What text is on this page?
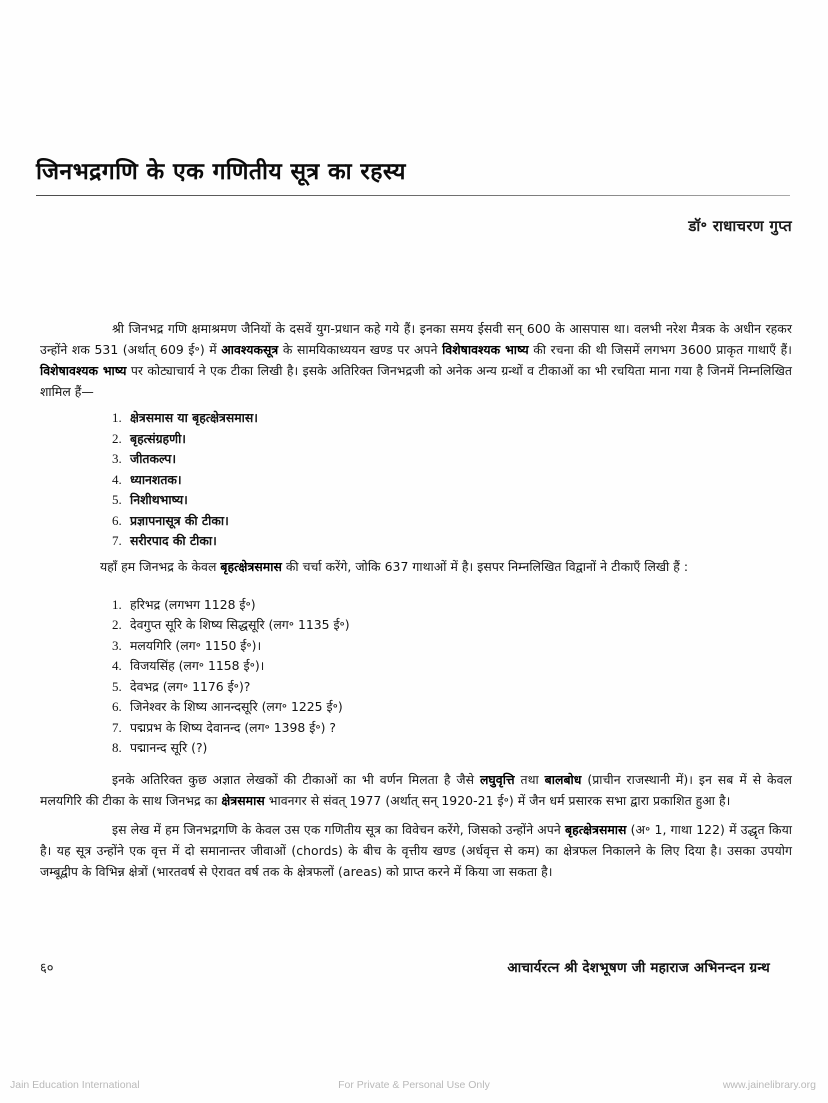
जिनभद्रगणि के एक गणितीय सूत्र का रहस्य
डॉ॰ राधाचरण गुप्त

श्री जिनभद्र गणि क्षमाश्रमण जैनियों के दसवें युग-प्रधान कहे गये हैं। इनका समय ईसवी सन् 600 के आसपास था। वलभी नरेश मैत्रक के अधीन रहकर उन्होंने शक 531 (अर्थात् 609 ई॰) में आवश्यकसूत्र के सामयिकाध्ययन खण्ड पर अपने विशेषावश्यक भाष्य की रचना की थी जिसमें लगभग 3600 प्राकृत गाथाएँ हैं। विशेषावश्यक भाष्य पर कोट्याचार्य ने एक टीका लिखी है। इसके अतिरिक्त जिनभद्रजी को अनेक अन्य ग्रन्थों व टीकाओं का भी रचयिता माना गया है जिनमें निम्नलिखित शामिल हैं—

1. क्षेत्रसमास या बृहत्क्षेत्रसमास।
2. बृहत्संग्रहणी।
3. जीतकल्प।
4. ध्यानशतक।
5. निशीथभाष्य।
6. प्रज्ञापनासूत्र की टीका।
7. सरीरपाद की टीका।

यहाँ हम जिनभद्र के केवल बृहत्क्षेत्रसमास की चर्चा करेंगे, जोकि 637 गाथाओं में है। इसपर निम्नलिखित विद्वानों ने टीकाएँ लिखी हैं :

1. हरिभद्र (लगभग 1128 ई॰)
2. देवगुप्त सूरि के शिष्य सिद्धसूरि (लग॰ 1135 ई॰)
3. मलयगिरि (लग॰ 1150 ई॰)।
4. विजयसिंह (लग॰ 1158 ई॰)।
5. देवभद्र (लग॰ 1176 ई॰)?
6. जिनेश्वर के शिष्य आनन्दसूरि (लग॰ 1225 ई॰)
7. पद्मप्रभ के शिष्य देवानन्द (लग॰ 1398 ई॰) ?
8. पद्मानन्द सूरि (?)

इनके अतिरिक्त कुछ अज्ञात लेखकों की टीकाओं का भी वर्णन मिलता है जैसे लघुवृत्ति तथा बालबोध (प्राचीन राजस्थानी में)। इन सब में से केवल मलयगिरि की टीका के साथ जिनभद्र का क्षेत्रसमास भावनगर से संवत् 1977 (अर्थात् सन् 1920-21 ई॰) में जैन धर्म प्रसारक सभा द्वारा प्रकाशित हुआ है।

इस लेख में हम जिनभद्रगणि के केवल उस एक गणितीय सूत्र का विवेचन करेंगे, जिसको उन्होंने अपने बृहत्क्षेत्रसमास (अ॰ 1, गाथा 122) में उद्धृत किया है। यह सूत्र उन्होंने एक वृत्त में दो समानान्तर जीवाओं (chords) के बीच के वृत्तीय खण्ड (अर्धवृत्त से कम) का क्षेत्रफल निकालने के लिए दिया है। उसका उपयोग जम्बूद्वीप के विभिन्न क्षेत्रों (भारतवर्ष से ऐरावत वर्ष तक के क्षेत्रफलों (areas) को प्राप्त करने में किया जा सकता है।

६०	आचार्यरत्न श्री देशभूषण जी महाराज अभिनन्दन ग्रन्थ
Jain Education International	For Private & Personal Use Only	www.jainelibrary.org
